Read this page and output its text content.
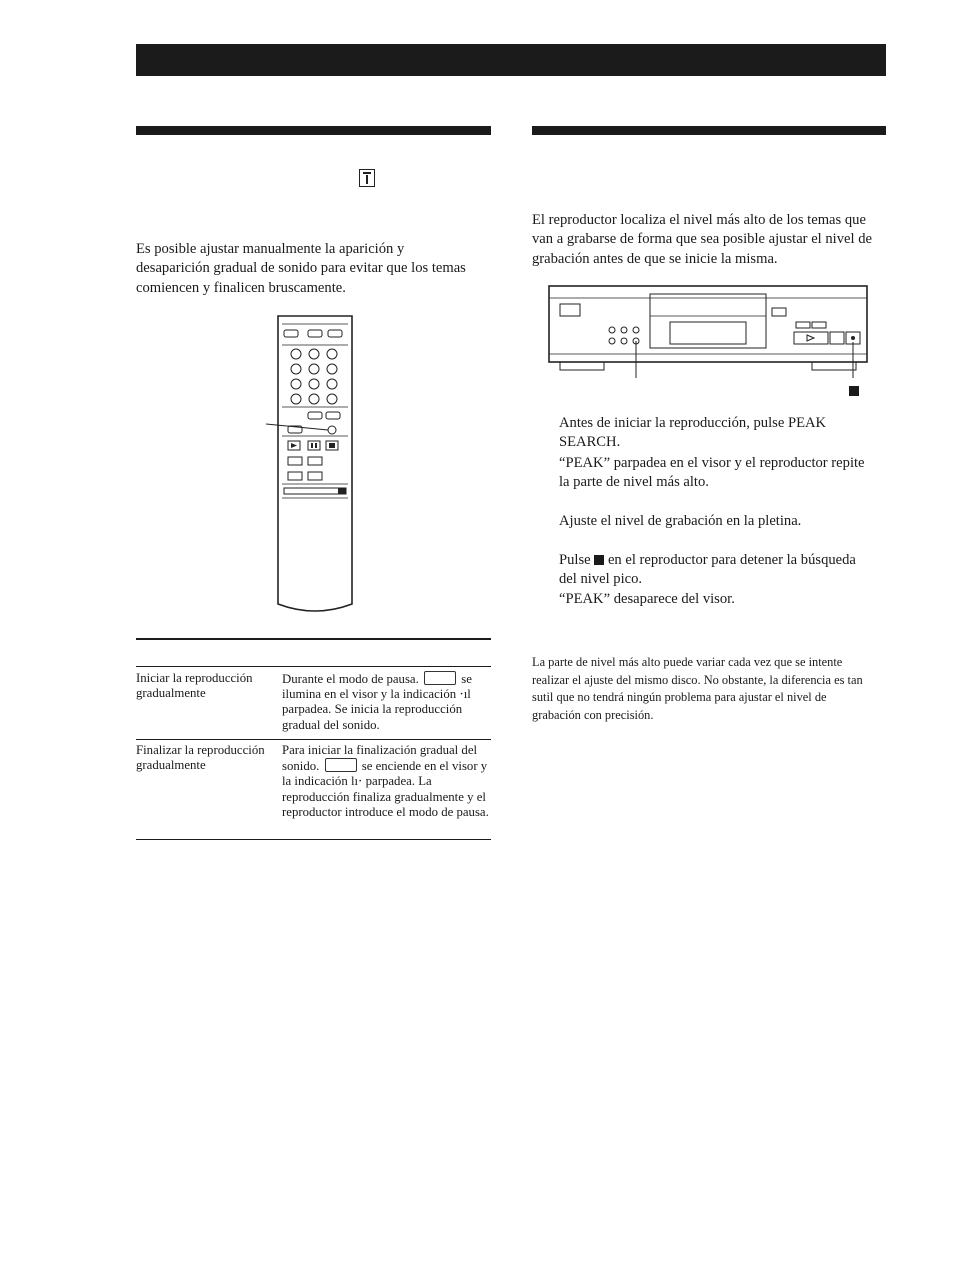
Es posible ajustar manualmente la aparición y desaparición gradual de sonido para evitar que los temas comiencen y finalicen bruscamente.

Iniciar la reproducción gradualmente
Durante el modo de pausa.	se ilumina en el visor y la indicación ⋅ıl parpadea. Se inicia la reproducción gradual del sonido.
Finalizar la reproducción gradualmente
Para iniciar la finalización gradual del sonido.	se enciende en el visor y la indicación lı⋅ parpadea. La reproducción finaliza gradualmente y el reproductor introduce el modo de pausa.

El reproductor localiza el nivel más alto de los temas que van a grabarse de forma que sea posible ajustar el nivel de grabación antes de que se inicie la misma.

Antes de iniciar la reproducción, pulse PEAK SEARCH.

“PEAK” parpadea en el visor y el reproductor repite la parte de nivel más alto.

Ajuste el nivel de grabación en la pletina.

Pulse en el reproductor para detener la búsqueda del nivel pico.

“PEAK” desaparece del visor.

La parte de nivel más alto puede variar cada vez que se intente realizar el ajuste del mismo disco. No obstante, la diferencia es tan sutil que no tendrá ningún problema para ajustar el nivel de grabación con precisión.
